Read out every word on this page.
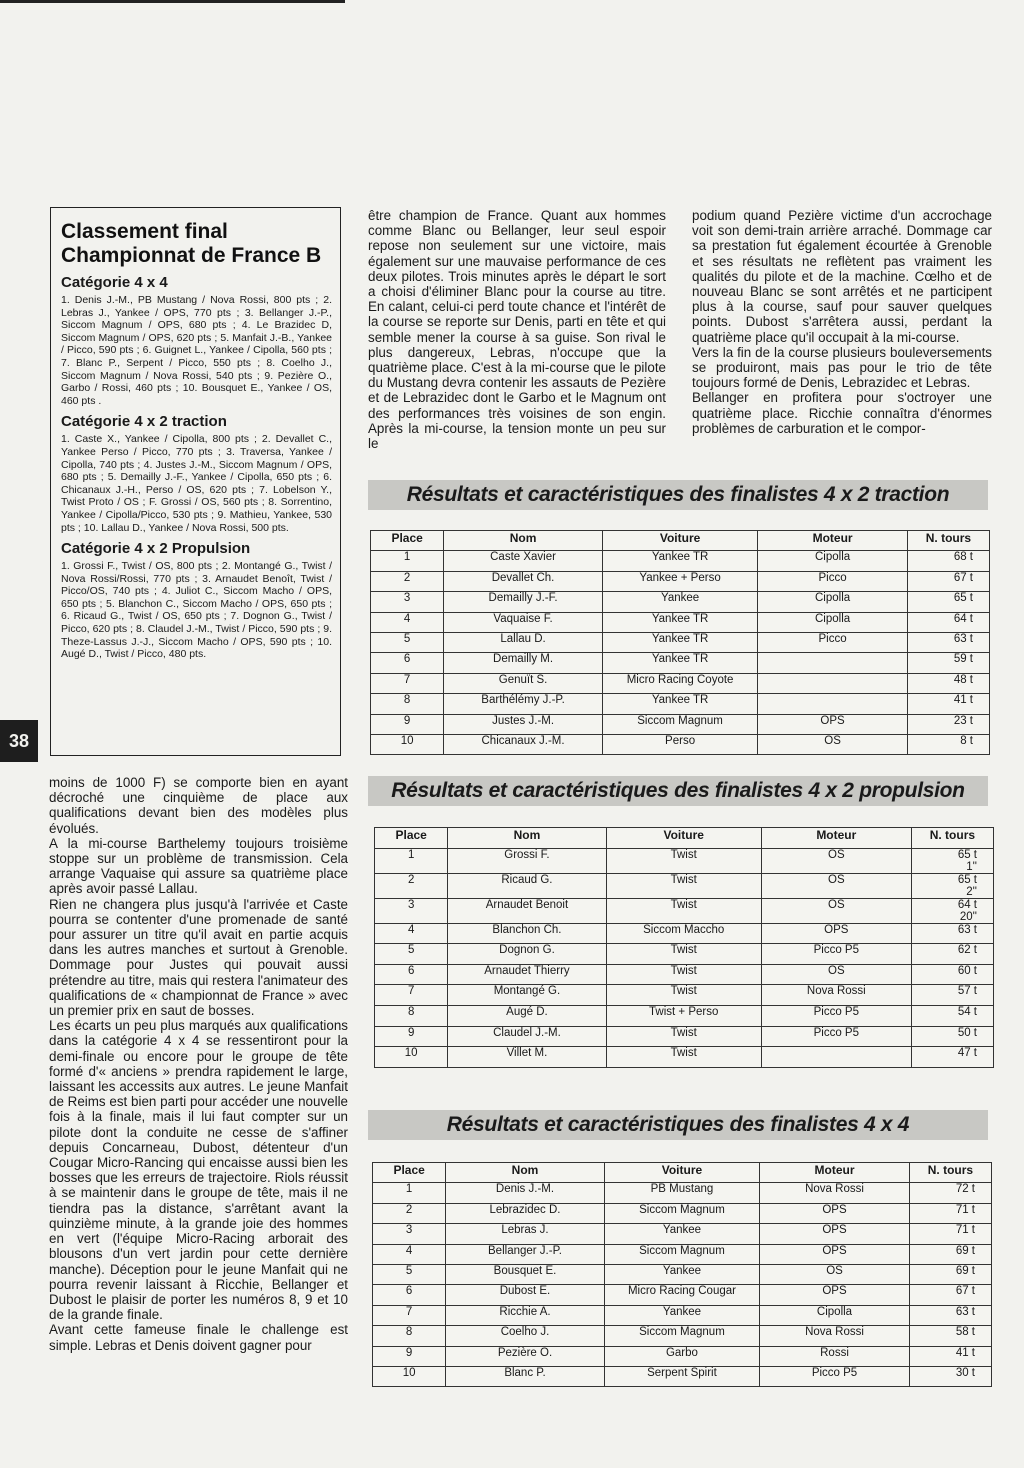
38
Classement final Championnat de France B
Catégorie 4 x 4

1. Denis J.-M., PB Mustang / Nova Rossi, 800 pts ; 2. Lebras J., Yankee / OPS, 770 pts ; 3. Bellanger J.-P., Siccom Magnum / OPS, 680 pts ; 4. Le Brazidec D, Siccom Magnum / OPS, 620 pts ; 5. Manfait J.-B., Yankee / Picco, 590 pts ; 6. Guignet L., Yankee / Cipolla, 560 pts ; 7. Blanc P., Serpent / Picco, 550 pts ; 8. Coelho J., Siccom Magnum / Nova Rossi, 540 pts ; 9. Pezière O., Garbo / Rossi, 460 pts ; 10. Bousquet E., Yankee / OS, 460 pts .

Catégorie 4 x 2 traction

1. Caste X., Yankee / Cipolla, 800 pts ; 2. Devallet C., Yankee Perso / Picco, 770 pts ; 3. Traversa, Yankee / Cipolla, 740 pts ; 4. Justes J.-M., Siccom Magnum / OPS, 680 pts ; 5. Demailly J.-F., Yankee / Cipolla, 650 pts ; 6. Chicanaux J.-H., Perso / OS, 620 pts ; 7. Lobelson Y., Twist Proto / OS ; F. Grossi / OS, 560 pts ; 8. Sorrentino, Yankee / Cipolla/Picco, 530 pts ; 9. Mathieu, Yankee, 530 pts ; 10. Lallau D., Yankee / Nova Rossi, 500 pts.

Catégorie 4 x 2 Propulsion

1. Grossi F., Twist / OS, 800 pts ; 2. Montangé G., Twist / Nova Rossi/Rossi, 770 pts ; 3. Arnaudet Benoît, Twist / Picco/OS, 740 pts ; 4. Juliot C., Siccom Macho / OPS, 650 pts ; 5. Blanchon C., Siccom Macho / OPS, 650 pts ; 6. Ricaud G., Twist / OS, 650 pts ; 7. Dognon G., Twist / Picco, 620 pts ; 8. Claudel J.-M., Twist / Picco, 590 pts ; 9. Theze-Lassus J.-J., Siccom Macho / OPS, 590 pts ; 10. Augé D., Twist / Picco, 480 pts.

être champion de France. Quant aux hommes comme Blanc ou Bellanger, leur seul espoir repose non seulement sur une victoire, mais également sur une mauvaise performance de ces deux pilotes. Trois minutes après le départ le sort a choisi d'éliminer Blanc pour la course au titre. En calant, celui-ci perd toute chance et l'intérêt de la course se reporte sur Denis, parti en tête et qui semble mener la course à sa guise. Son rival le plus dangereux, Lebras, n'occupe que la quatrième place. C'est à la mi-course que le pilote du Mustang devra contenir les assauts de Pezière et de Lebrazidec dont le Garbo et le Magnum ont des performances très voisines de son engin. Après la mi-course, la tension monte un peu sur le
podium quand Pezière victime d'un accrochage voit son demi-train arrière arraché. Dommage car sa prestation fut également écourtée à Grenoble et ses résultats ne reflètent pas vraiment les qualités du pilote et de la machine. Cœlho et de nouveau Blanc se sont arrêtés et ne participent plus à la course, sauf pour sauver quelques points. Dubost s'arrêtera aussi, perdant la quatrième place qu'il occupait à la mi-course.
Vers la fin de la course plusieurs bouleversements se produiront, mais pas pour le trio de tête toujours formé de Denis, Lebrazidec et Lebras.
Bellanger en profitera pour s'octroyer une quatrième place. Ricchie connaîtra d'énormes problèmes de carburation et le compor-
moins de 1000 F) se comporte bien en ayant décroché une cinquième de place aux qualifications devant bien des modèles plus évolués.
A la mi-course Barthelemy toujours troisième stoppe sur un problème de transmission. Cela arrange Vaquaise qui assure sa quatrième place après avoir passé Lallau.
Rien ne changera plus jusqu'à l'arrivée et Caste pourra se contenter d'une promenade de santé pour assurer un titre qu'il avait en partie acquis dans les autres manches et surtout à Grenoble. Dommage pour Justes qui pouvait aussi prétendre au titre, mais qui restera l'animateur des qualifications de « championnat de France » avec un premier prix en saut de bosses.
Les écarts un peu plus marqués aux qualifications dans la catégorie 4 x 4 se ressentiront pour la demi-finale ou encore pour le groupe de tête formé d'« anciens » prendra rapidement le large, laissant les accessits aux autres. Le jeune Manfait de Reims est bien parti pour accéder une nouvelle fois à la finale, mais il lui faut compter sur un pilote dont la conduite ne cesse de s'affiner depuis Concarneau, Dubost, détenteur d'un Cougar Micro-Rancing qui encaisse aussi bien les bosses que les erreurs de trajectoire. Riols réussit à se maintenir dans le groupe de tête, mais il ne tiendra pas la distance, s'arrêtant avant la quinzième minute, à la grande joie des hommes en vert (l'équipe Micro-Racing arborait des blousons d'un vert jardin pour cette dernière manche). Déception pour le jeune Manfait qui ne pourra revenir laissant à Ricchie, Bellanger et Dubost le plaisir de porter les numéros 8, 9 et 10 de la grande finale.
Avant cette fameuse finale le challenge est simple. Lebras et Denis doivent gagner pour
Résultats et caractéristiques des finalistes 4 x 2 traction
Résultats et caractéristiques des finalistes 4 x 2 propulsion
Résultats et caractéristiques des finalistes 4 x 4
Place	Nom	Voiture	Moteur	N. tours
1	Caste Xavier	Yankee TR	Cipolla	68 t
2	Devallet Ch.	Yankee + Perso	Picco	67 t
3	Demailly J.-F.	Yankee	Cipolla	65 t
4	Vaquaise F.	Yankee TR	Cipolla	64 t
5	Lallau D.	Yankee TR	Picco	63 t
6	Demailly M.	Yankee TR		59 t
7	Genuït S.	Micro Racing Coyote		48 t
8	Barthélémy J.-P.	Yankee TR		41 t
9	Justes J.-M.	Siccom Magnum	OPS	23 t
10	Chicanaux J.-M.	Perso	OS	8 t
Place	Nom	Voiture	Moteur	N. tours
1	Grossi F.	Twist	OS	65 t
1''
2	Ricaud G.	Twist	OS	65 t
2''
3	Arnaudet Benoit	Twist	OS	64 t
20''
4	Blanchon Ch.	Siccom Maccho	OPS	63 t
5	Dognon G.	Twist	Picco P5	62 t
6	Arnaudet Thierry	Twist	OS	60 t
7	Montangé G.	Twist	Nova Rossi	57 t
8	Augé D.	Twist + Perso	Picco P5	54 t
9	Claudel J.-M.	Twist	Picco P5	50 t
10	Villet M.	Twist		47 t
Place	Nom	Voiture	Moteur	N. tours
1	Denis J.-M.	PB Mustang	Nova Rossi	72 t
2	Lebrazidec D.	Siccom Magnum	OPS	71 t
3	Lebras J.	Yankee	OPS	71 t
4	Bellanger J.-P.	Siccom Magnum	OPS	69 t
5	Bousquet E.	Yankee	OS	69 t
6	Dubost E.	Micro Racing Cougar	OPS	67 t
7	Ricchie A.	Yankee	Cipolla	63 t
8	Coelho J.	Siccom Magnum	Nova Rossi	58 t
9	Pezière O.	Garbo	Rossi	41 t
10	Blanc P.	Serpent Spirit	Picco P5	30 t
